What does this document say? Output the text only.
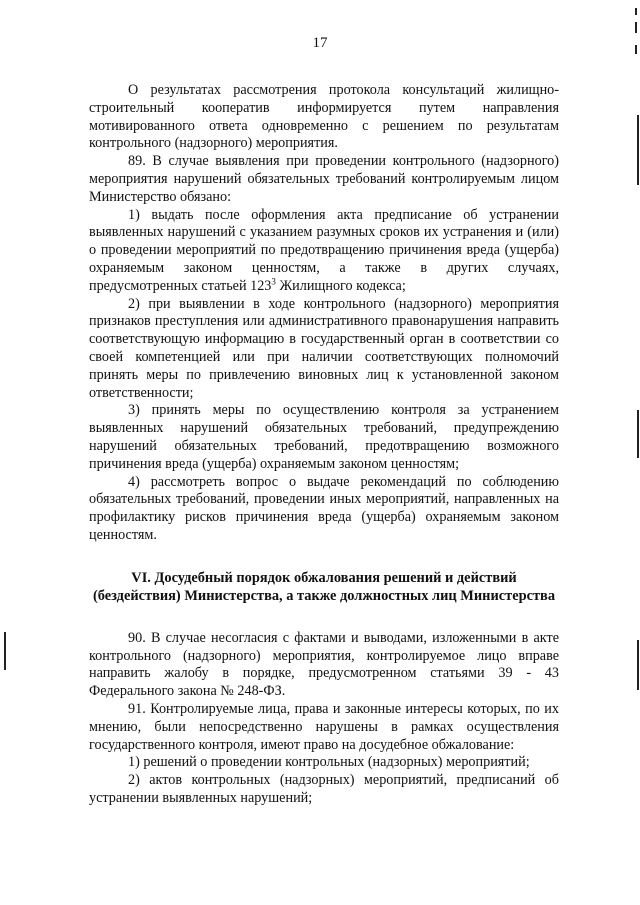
17

О результатах рассмотрения протокола консультаций жилищно-строительный кооператив информируется путем направления мотивированного ответа одновременно с решением по результатам контрольного (надзорного) мероприятия.

89. В случае выявления при проведении контрольного (надзорного) мероприятия нарушений обязательных требований контролируемым лицом Министерство обязано:

1) выдать после оформления акта предписание об устранении выявленных нарушений с указанием разумных сроков их устранения и (или) о проведении мероприятий по предотвращению причинения вреда (ущерба) охраняемым законом ценностям, а также в других случаях, предусмотренных статьей $123^3$ Жилищного кодекса;

2) при выявлении в ходе контрольного (надзорного) мероприятия признаков преступления или административного правонарушения направить соответствующую информацию в государственный орган в соответствии со своей компетенцией или при наличии соответствующих полномочий принять меры по привлечению виновных лиц к установленной законом ответственности;

3) принять меры по осуществлению контроля за устранением выявленных нарушений обязательных требований, предупреждению нарушений обязательных требований, предотвращению возможного причинения вреда (ущерба) охраняемым законом ценностям;

4) рассмотреть вопрос о выдаче рекомендаций по соблюдению обязательных требований, проведении иных мероприятий, направленных на профилактику рисков причинения вреда (ущерба) охраняемым законом ценностям.

VI. Досудебный порядок обжалования решений и действий (бездействия) Министерства, а также должностных лиц Министерства

90. В случае несогласия с фактами и выводами, изложенными в акте контрольного (надзорного) мероприятия, контролируемое лицо вправе направить жалобу в порядке, предусмотренном статьями 39 - 43 Федерального закона № 248-ФЗ.

91. Контролируемые лица, права и законные интересы которых, по их мнению, были непосредственно нарушены в рамках осуществления государственного контроля, имеют право на досудебное обжалование:

1) решений о проведении контрольных (надзорных) мероприятий;

2) актов контрольных (надзорных) мероприятий, предписаний об устранении выявленных нарушений;
